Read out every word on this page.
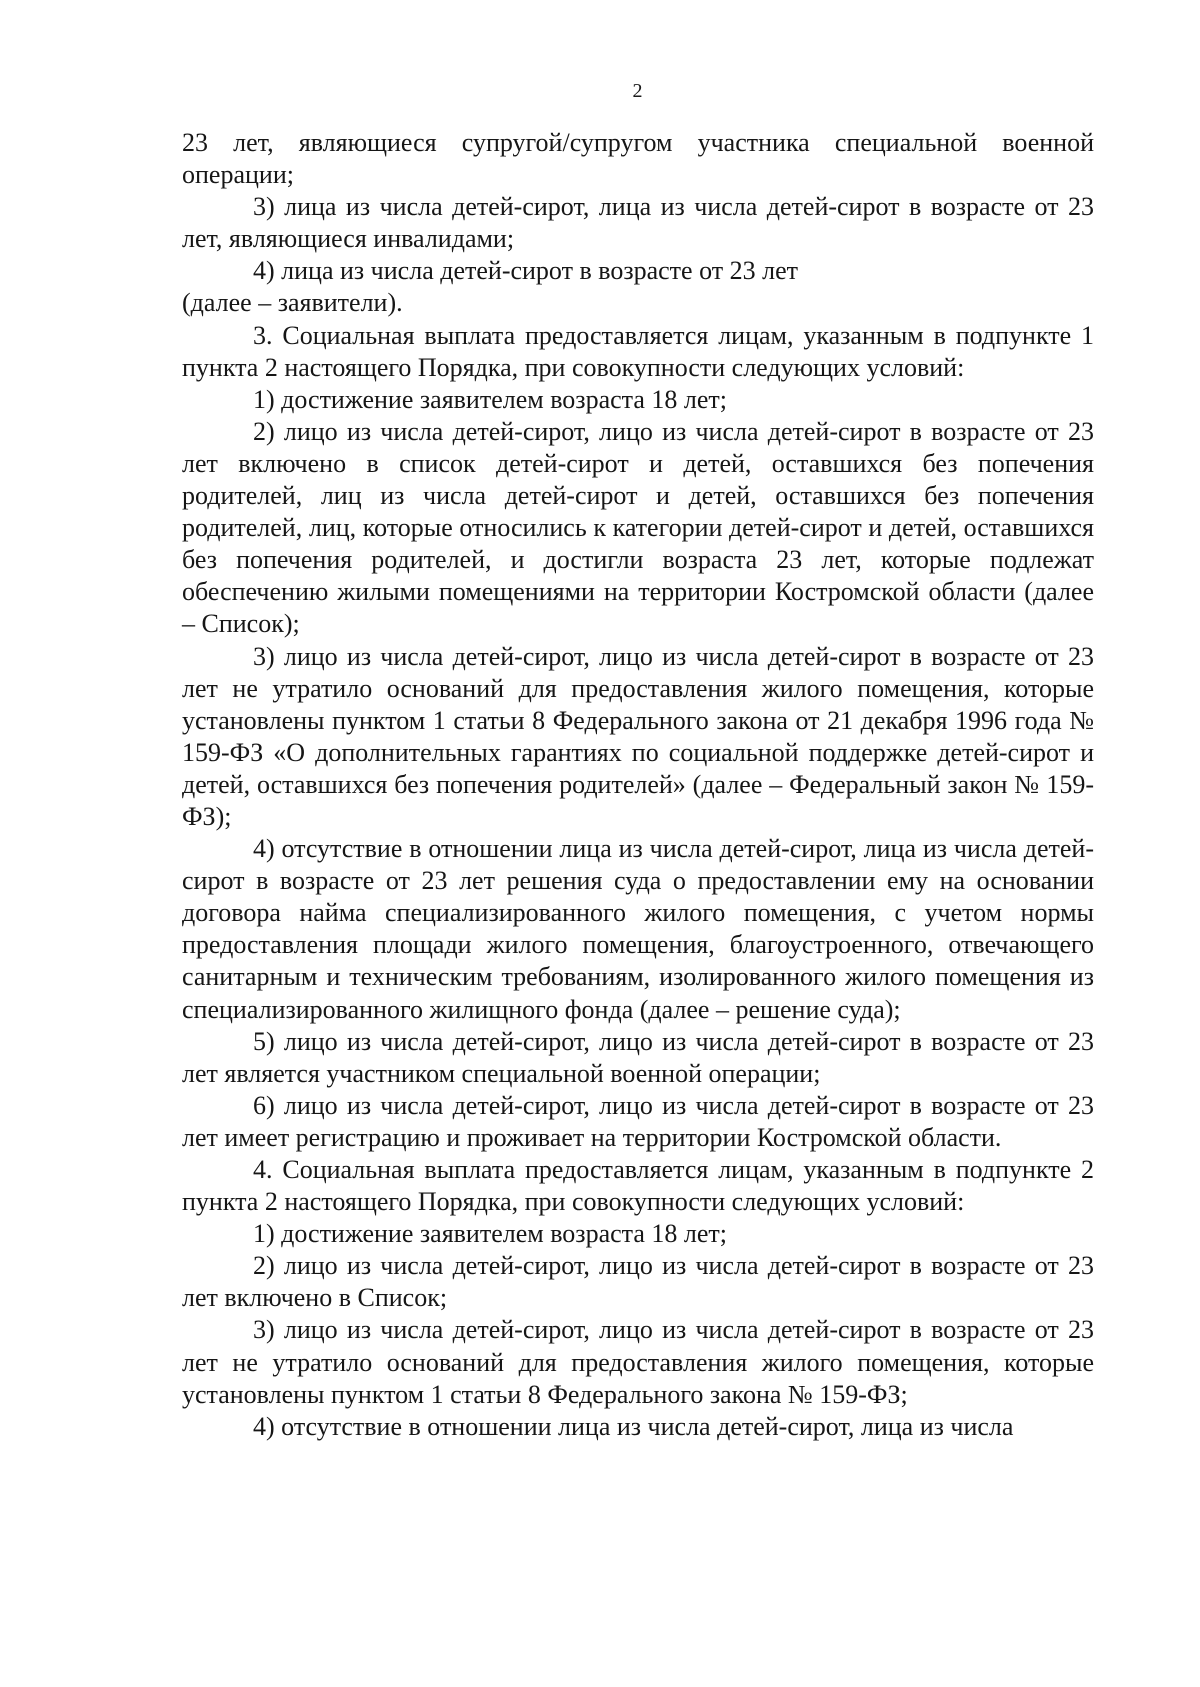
2

23 лет, являющиеся супругой/супругом участника специальной военной операции;

3) лица из числа детей-сирот, лица из числа детей-сирот в возрасте от 23 лет, являющиеся инвалидами;

4) лица из числа детей-сирот в возрасте от 23 лет

(далее – заявители).

3. Социальная выплата предоставляется лицам, указанным в подпункте 1 пункта 2 настоящего Порядка, при совокупности следующих условий:

1) достижение заявителем возраста 18 лет;

2) лицо из числа детей-сирот, лицо из числа детей-сирот в возрасте от 23 лет включено в список детей-сирот и детей, оставшихся без попечения родителей, лиц из числа детей-сирот и детей, оставшихся без попечения родителей, лиц, которые относились к категории детей-сирот и детей, оставшихся без попечения родителей, и достигли возраста 23 лет, которые подлежат обеспечению жилыми помещениями на территории Костромской области (далее – Список);

3) лицо из числа детей-сирот, лицо из числа детей-сирот в возрасте от 23 лет не утратило оснований для предоставления жилого помещения, которые установлены пунктом 1 статьи 8 Федерального закона от 21 декабря 1996 года № 159-ФЗ «О дополнительных гарантиях по социальной поддержке детей-сирот и детей, оставшихся без попечения родителей» (далее – Федеральный закон № 159-ФЗ);

4) отсутствие в отношении лица из числа детей-сирот, лица из числа детей-сирот в возрасте от 23 лет решения суда о предоставлении ему на основании договора найма специализированного жилого помещения, с учетом нормы предоставления площади жилого помещения, благоустроенного, отвечающего санитарным и техническим требованиям, изолированного жилого помещения из специализированного жилищного фонда (далее – решение суда);

5) лицо из числа детей-сирот, лицо из числа детей-сирот в возрасте от 23 лет является участником специальной военной операции;

6) лицо из числа детей-сирот, лицо из числа детей-сирот в возрасте от 23 лет имеет регистрацию и проживает на территории Костромской области.

4. Социальная выплата предоставляется лицам, указанным в подпункте 2 пункта 2 настоящего Порядка, при совокупности следующих условий:

1) достижение заявителем возраста 18 лет;

2) лицо из числа детей-сирот, лицо из числа детей-сирот в возрасте от 23 лет включено в Список;

3) лицо из числа детей-сирот, лицо из числа детей-сирот в возрасте от 23 лет не утратило оснований для предоставления жилого помещения, которые установлены пунктом 1 статьи 8 Федерального закона № 159-ФЗ;

4) отсутствие в отношении лица из числа детей-сирот, лица из числа
